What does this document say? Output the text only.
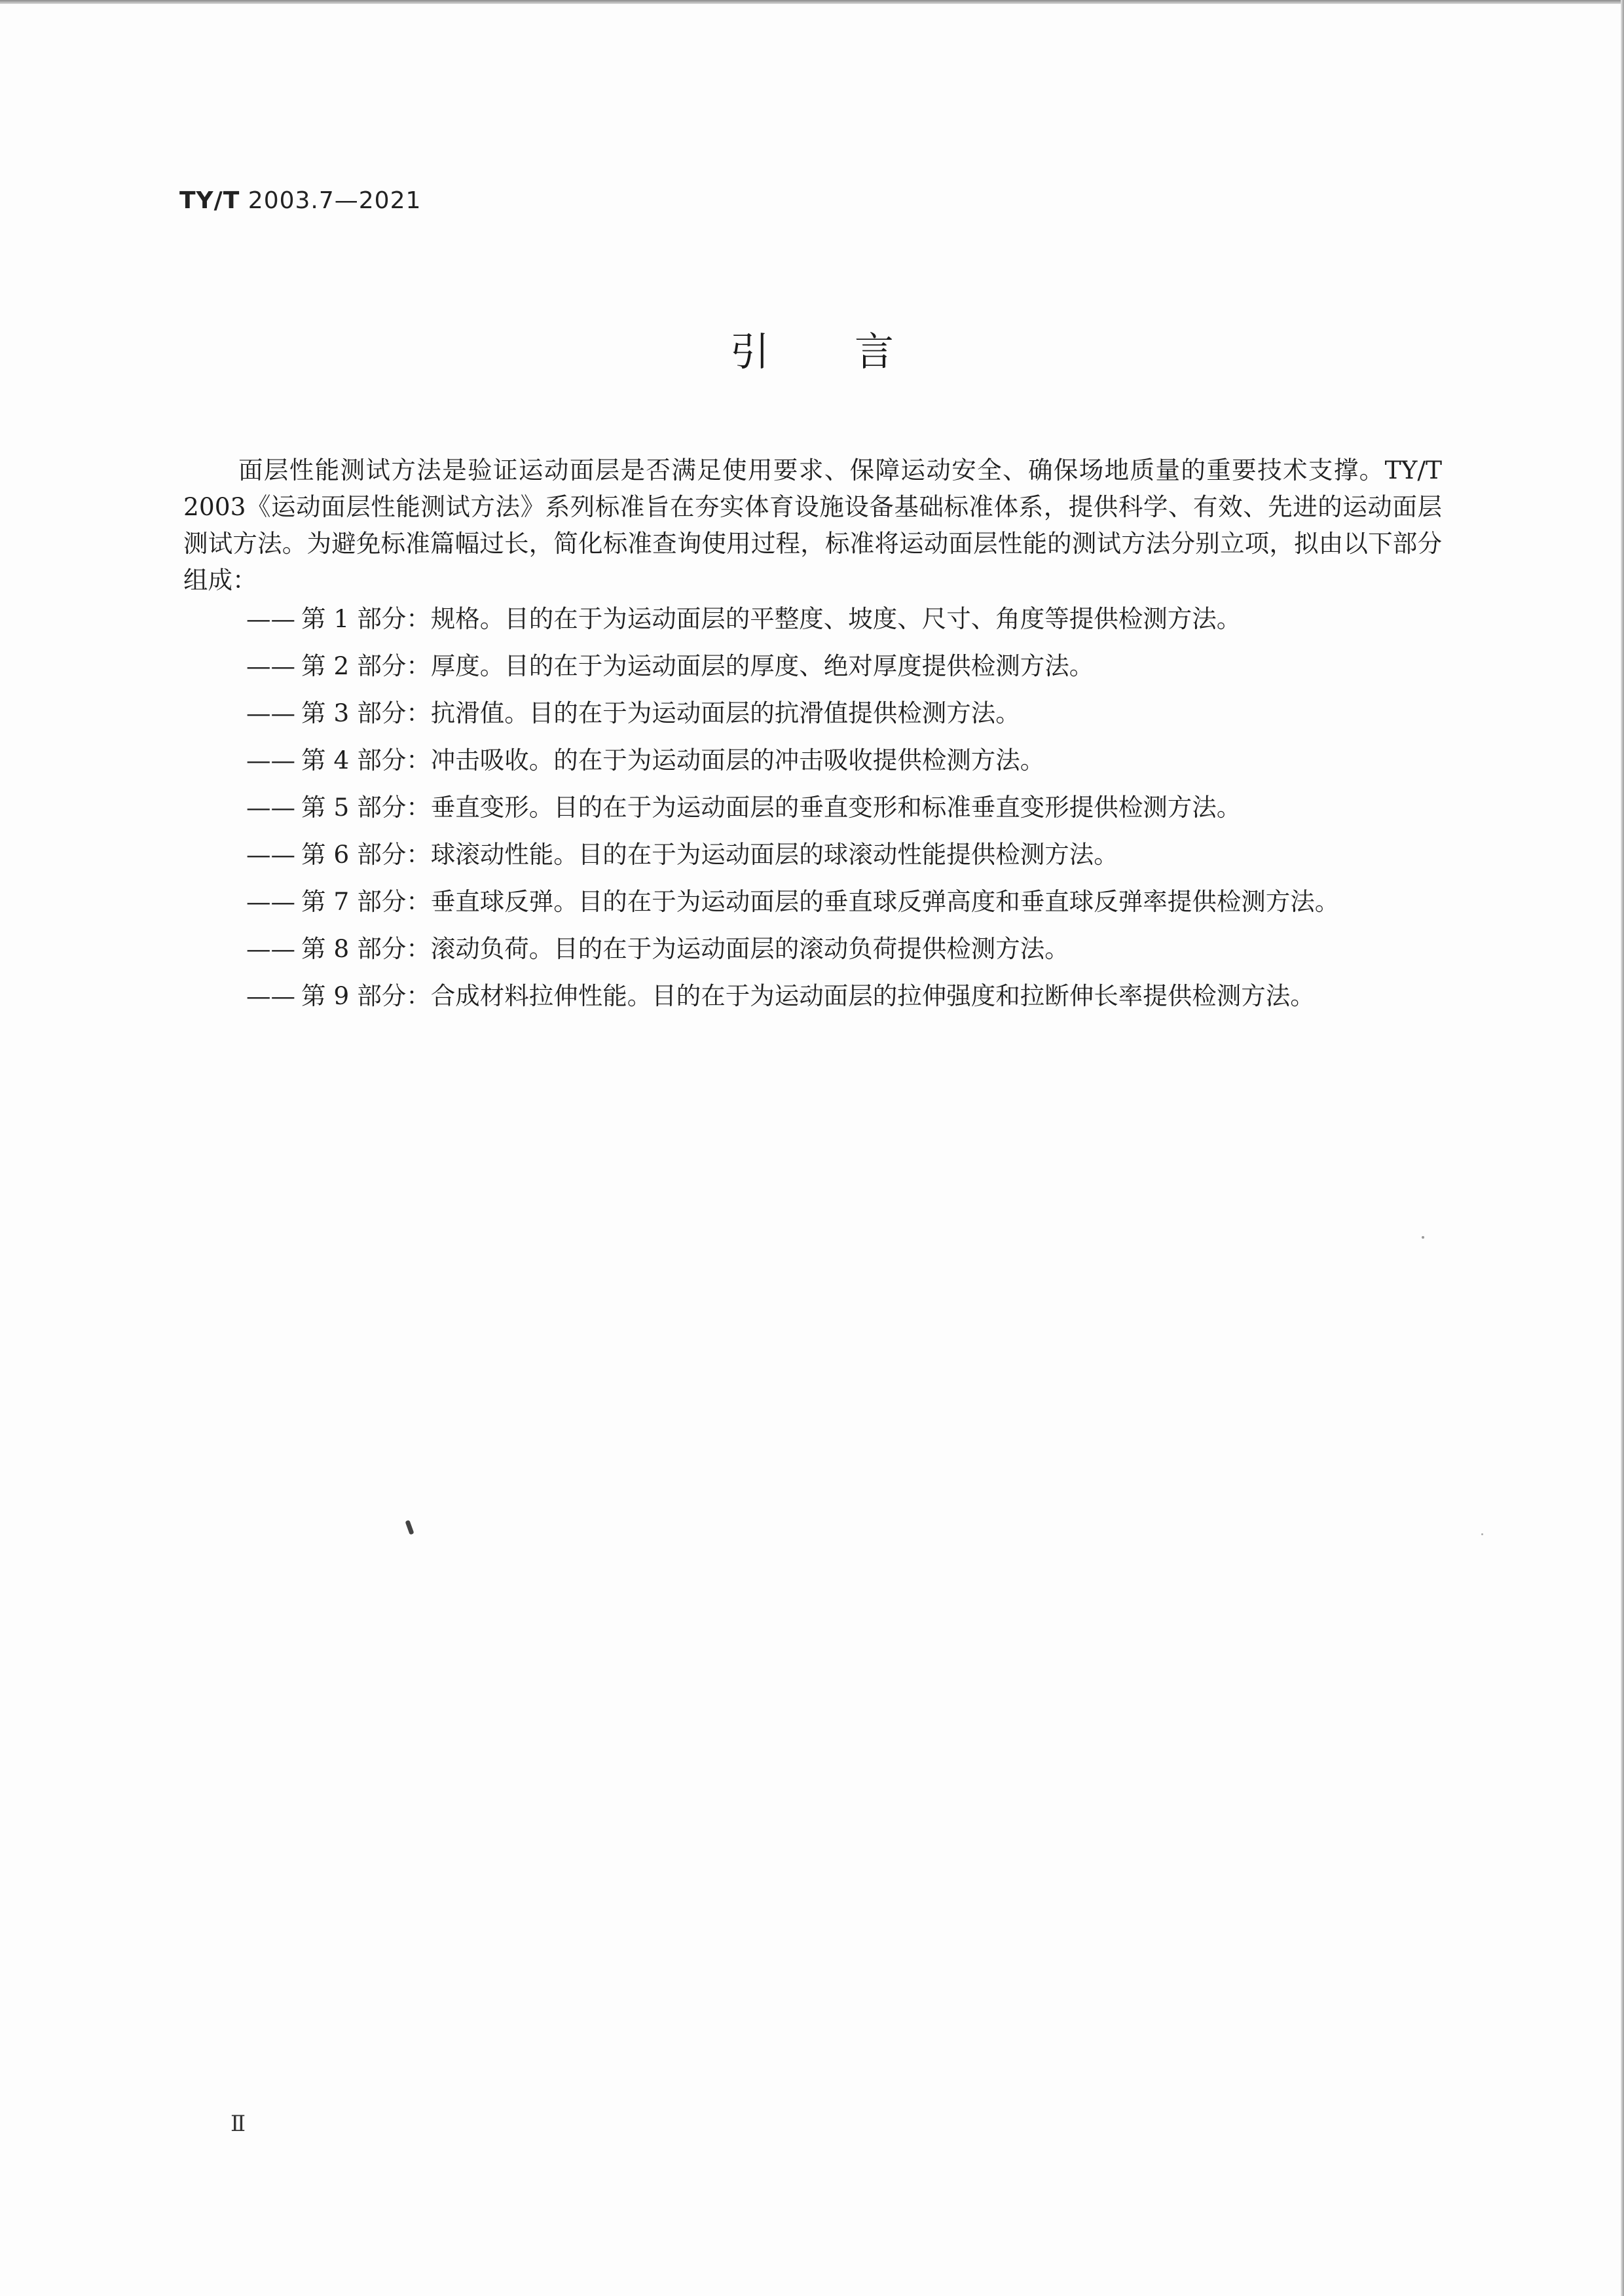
TY/T 2003.7—2021
引言

面层性能测试方法是验证运动面层是否满足使用要求、保障运动安全、确保场地质量的重要技术支撑。TY/T 2003《运动面层性能测试方法》系列标准旨在夯实体育设施设备基础标准体系，提供科学、有效、先进的运动面层测试方法。为避免标准篇幅过长，简化标准查询使用过程，标准将运动面层性能的测试方法分别立项，拟由以下部分组成：

—— 第 1 部分：规格。目的在于为运动面层的平整度、坡度、尺寸、角度等提供检测方法。
—— 第 2 部分：厚度。目的在于为运动面层的厚度、绝对厚度提供检测方法。
—— 第 3 部分：抗滑值。目的在于为运动面层的抗滑值提供检测方法。
—— 第 4 部分：冲击吸收。的在于为运动面层的冲击吸收提供检测方法。
—— 第 5 部分：垂直变形。目的在于为运动面层的垂直变形和标准垂直变形提供检测方法。
—— 第 6 部分：球滚动性能。目的在于为运动面层的球滚动性能提供检测方法。
—— 第 7 部分：垂直球反弹。目的在于为运动面层的垂直球反弹高度和垂直球反弹率提供检测方法。
—— 第 8 部分：滚动负荷。目的在于为运动面层的滚动负荷提供检测方法。
—— 第 9 部分：合成材料拉伸性能。目的在于为运动面层的拉伸强度和拉断伸长率提供检测方法。
Ⅱ
